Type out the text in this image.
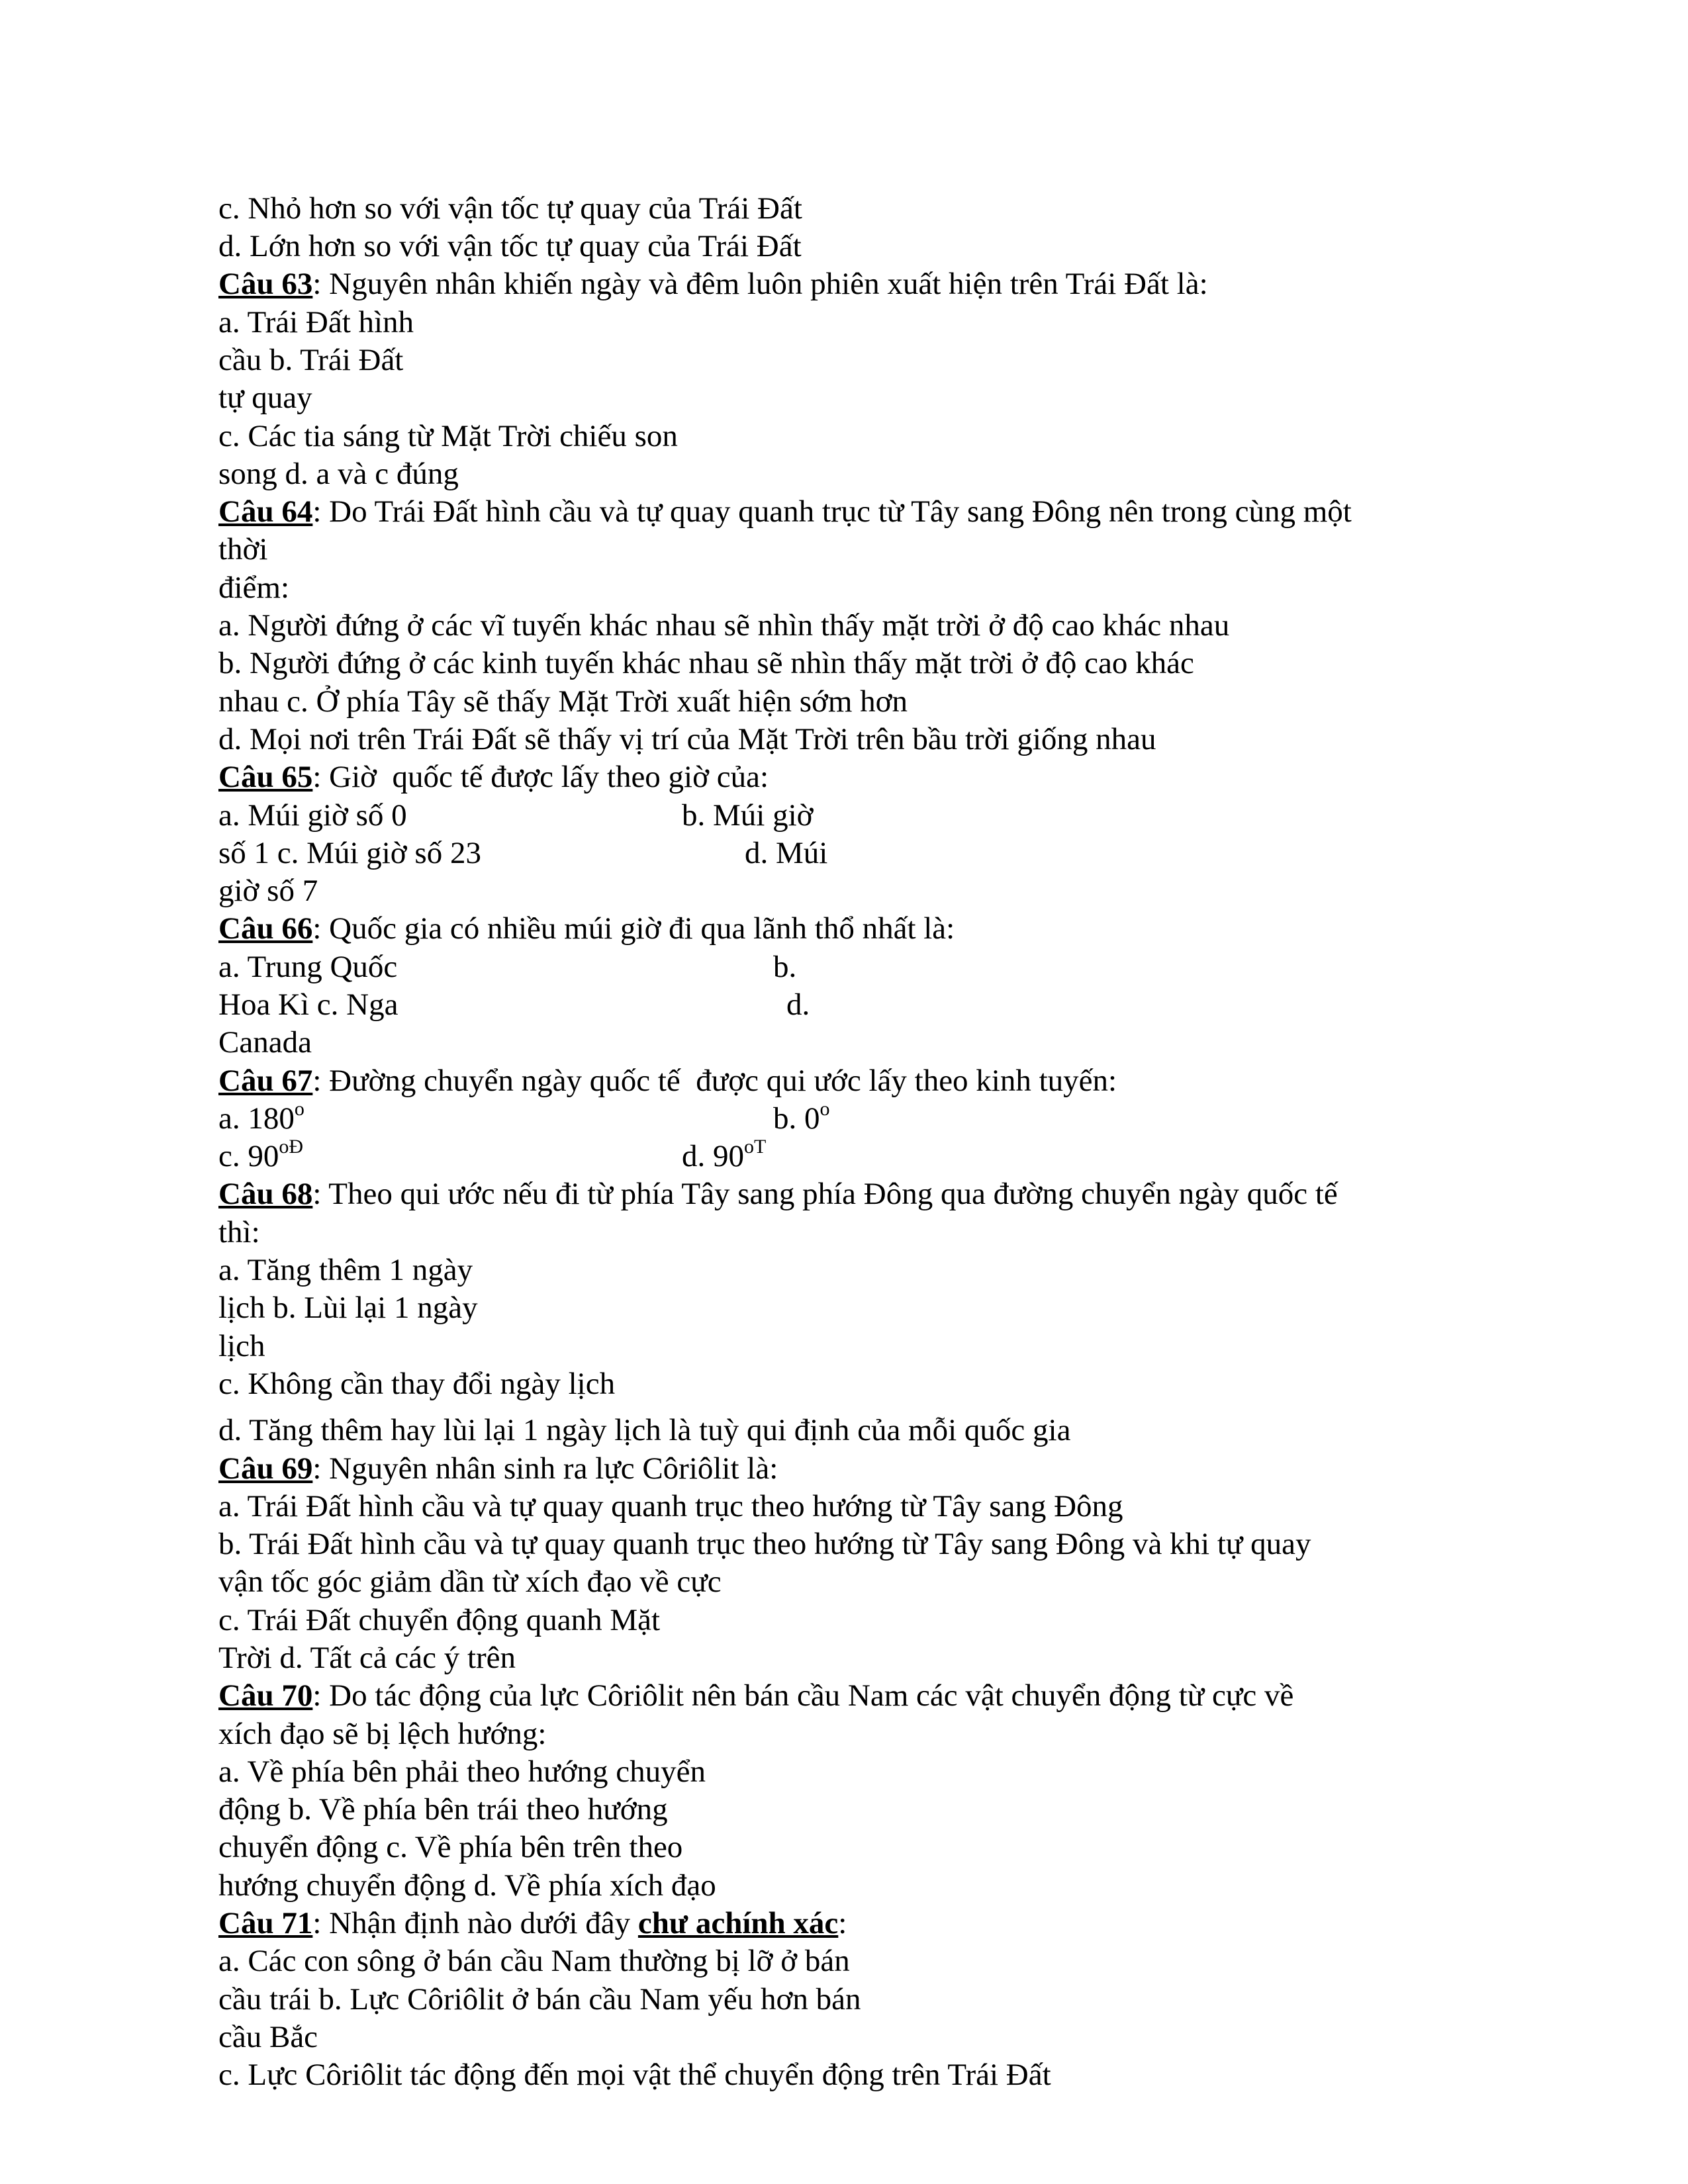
c. Nhỏ hơn so với vận tốc tự quay của Trái Đất
d. Lớn hơn so với vận tốc tự quay của Trái Đất
Câu 63: Nguyên nhân khiến ngày và đêm luôn phiên xuất hiện trên Trái Đất là:
a. Trái Đất hình
cầu b. Trái Đất
tự quay
c. Các tia sáng từ Mặt Trời chiếu son
song d. a và c đúng
Câu 64: Do Trái Đất hình cầu và tự quay quanh trục từ Tây sang Đông nên trong cùng một
thời
điểm:
a. Người đứng ở các vĩ tuyến khác nhau sẽ nhìn thấy mặt trời ở độ cao khác nhau
b. Người đứng ở các kinh tuyến khác nhau sẽ nhìn thấy mặt trời ở độ cao khác
nhau c. Ở phía Tây sẽ thấy Mặt Trời xuất hiện sớm hơn
d. Mọi nơi trên Trái Đất sẽ thấy vị trí của Mặt Trời trên bầu trời giống nhau
Câu 65: Giờ  quốc tế được lấy theo giờ của:
a. Múi giờ số 0	b. Múi giờ
số 1 c. Múi giờ số 23	d. Múi
giờ số 7
Câu 66: Quốc gia có nhiều múi giờ đi qua lãnh thổ nhất là:
a. Trung Quốc	b.
Hoa Kì c. Nga	d.
Canada
Câu 67: Đường chuyển ngày quốc tế  được qui ước lấy theo kinh tuyến:
a. 180$^o$	b. 0$^o$
c. $90^{oĐ}$	d. $90^{oT}$
Câu 68: Theo qui ước nếu đi từ phía Tây sang phía Đông qua đường chuyển ngày quốc tế
thì:
a. Tăng thêm 1 ngày
lịch b. Lùi lại 1 ngày
lịch
c. Không cần thay đổi ngày lịch
d. Tăng thêm hay lùi lại 1 ngày lịch là tuỳ qui định của mỗi quốc gia
Câu 69: Nguyên nhân sinh ra lực Côriôlit là:
a. Trái Đất hình cầu và tự quay quanh trục theo hướng từ Tây sang Đông
b. Trái Đất hình cầu và tự quay quanh trục theo hướng từ Tây sang Đông và khi tự quay
vận tốc góc giảm dần từ xích đạo về cực
c. Trái Đất chuyển động quanh Mặt
Trời d. Tất cả các ý trên
Câu 70: Do tác động của lực Côriôlit nên bán cầu Nam các vật chuyển động từ cực về
xích đạo sẽ bị lệch hướng:
a. Về phía bên phải theo hướng chuyển
động b. Về phía bên trái theo hướng
chuyển động c. Về phía bên trên theo
hướng chuyển động d. Về phía xích đạo
Câu 71: Nhận định nào dưới đây chư achính xác:
a. Các con sông ở bán cầu Nam thường bị lỡ ở bán
cầu trái b. Lực Côriôlit ở bán cầu Nam yếu hơn bán
cầu Bắc
c. Lực Côriôlit tác động đến mọi vật thể chuyển động trên Trái Đất
